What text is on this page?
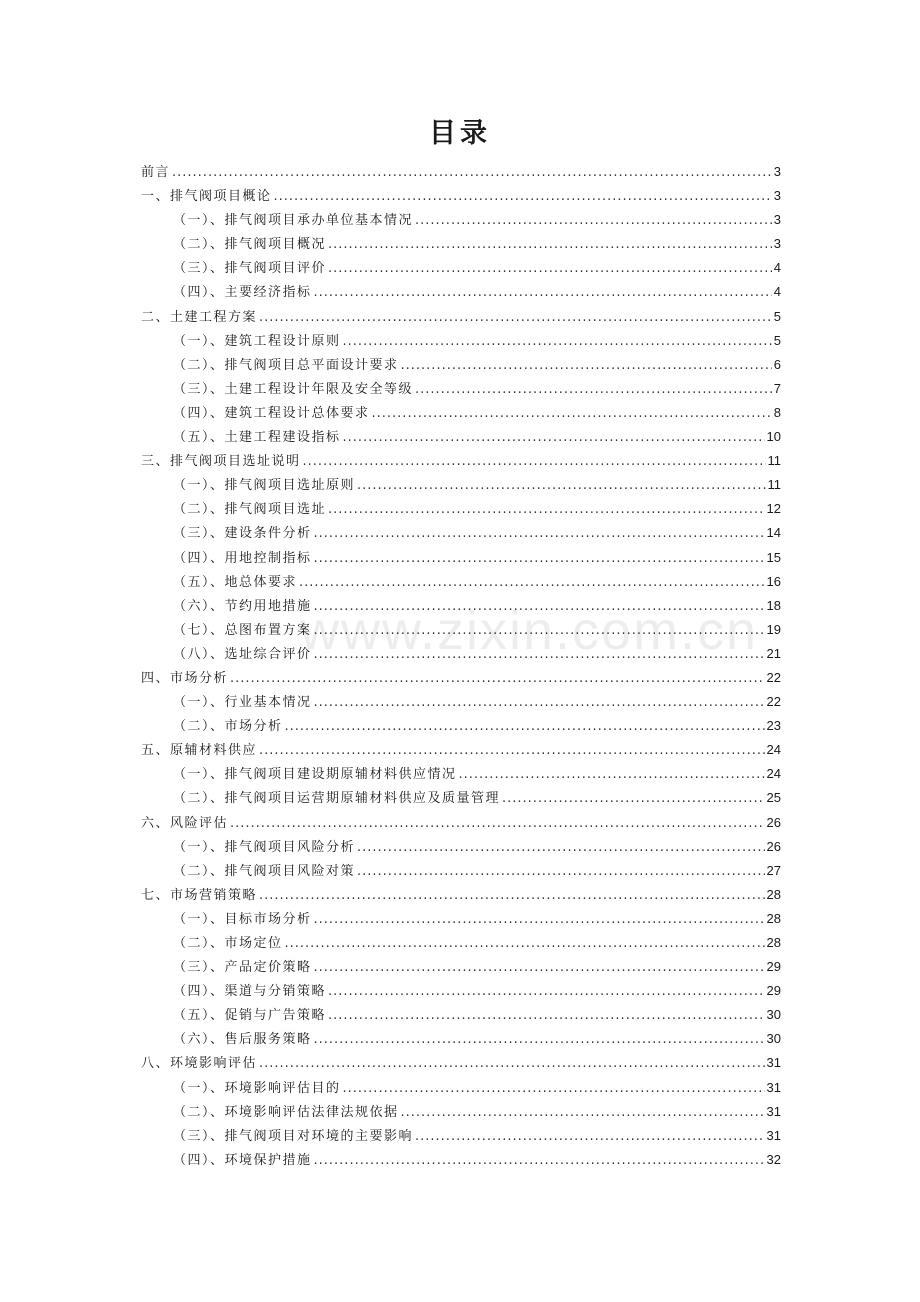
目录
前言 .....	3
一、排气阀项目概论 .....	3
（一）、排气阀项目承办单位基本情况 .....	3
（二）、排气阀项目概况 .....	3
（三）、排气阀项目评价 .....	4
（四）、主要经济指标 .....	4
二、土建工程方案 .....	5
（一）、建筑工程设计原则 .....	5
（二）、排气阀项目总平面设计要求 .....	6
（三）、土建工程设计年限及安全等级 .....	7
（四）、建筑工程设计总体要求 .....	8
（五）、土建工程建设指标 .....	10
三、排气阀项目选址说明 .....	11
（一）、排气阀项目选址原则 .....	11
（二）、排气阀项目选址 .....	12
（三）、建设条件分析 .....	14
（四）、用地控制指标 .....	15
（五）、地总体要求 .....	16
（六）、节约用地措施 .....	18
（七）、总图布置方案 .....	19
（八）、选址综合评价 .....	21
四、市场分析 .....	22
（一）、行业基本情况 .....	22
（二）、市场分析 .....	23
五、原辅材料供应 .....	24
（一）、排气阀项目建设期原辅材料供应情况 .....	24
（二）、排气阀项目运营期原辅材料供应及质量管理 .....	25
六、风险评估 .....	26
（一）、排气阀项目风险分析 .....	26
（二）、排气阀项目风险对策 .....	27
七、市场营销策略 .....	28
（一）、目标市场分析 .....	28
（二）、市场定位 .....	28
（三）、产品定价策略 .....	29
（四）、渠道与分销策略 .....	29
（五）、促销与广告策略 .....	30
（六）、售后服务策略 .....	30
八、环境影响评估 .....	31
（一）、环境影响评估目的 .....	31
（二）、环境影响评估法律法规依据 .....	31
（三）、排气阀项目对环境的主要影响 .....	31
（四）、环境保护措施 .....	32
www.zixin.com.cn
